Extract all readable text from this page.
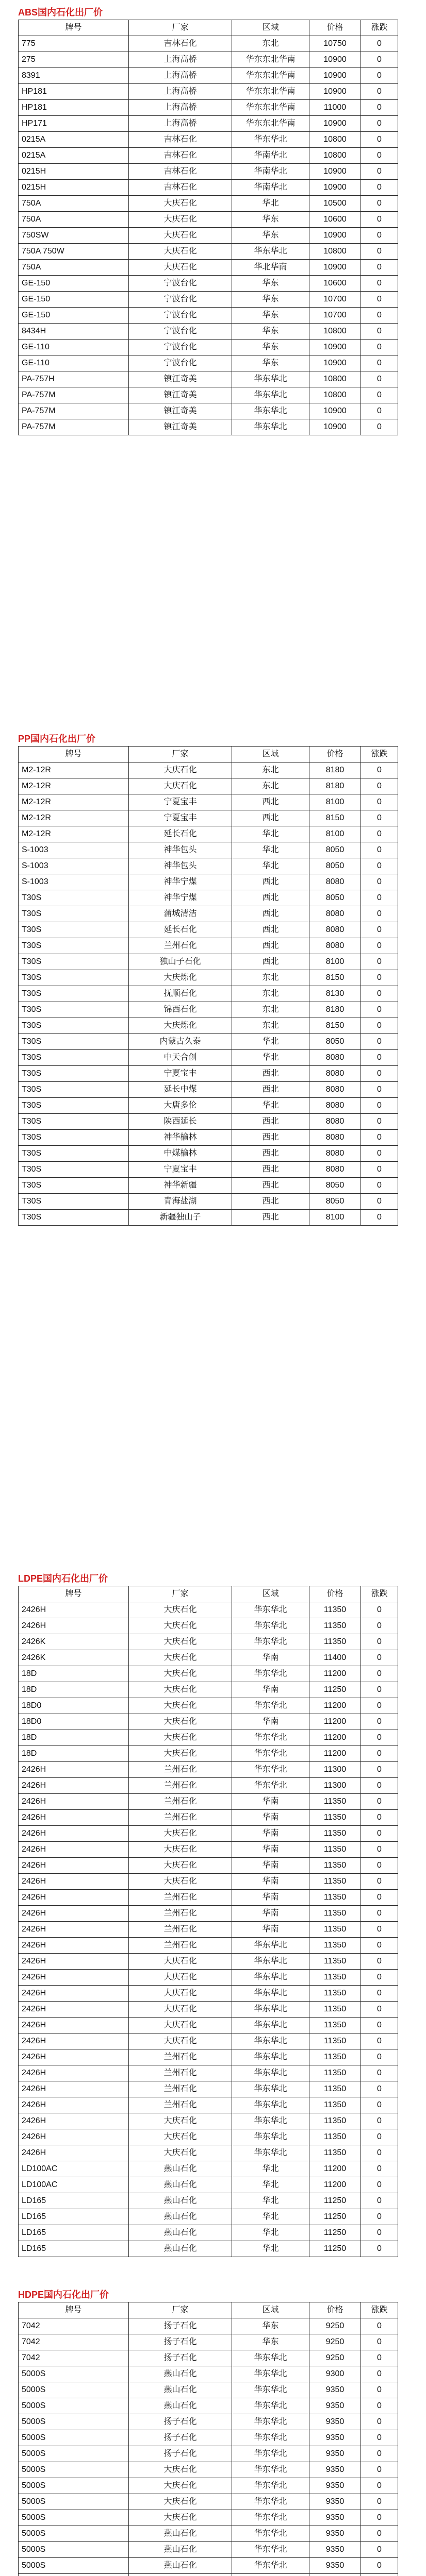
ABS国内石化出厂价
牌号	厂家	区域	价格	涨跌
775	吉林石化	东北	10750	0
275	上海高桥	华东东北华南	10900	0
8391	上海高桥	华东东北华南	10900	0
HP181	上海高桥	华东东北华南	10900	0
HP181	上海高桥	华东东北华南	11000	0
HP171	上海高桥	华东东北华南	10900	0
0215A	吉林石化	华东华北	10800	0
0215A	吉林石化	华南华北	10800	0
0215H	吉林石化	华南华北	10900	0
0215H	吉林石化	华南华北	10900	0
750A	大庆石化	华北	10500	0
750A	大庆石化	华东	10600	0
750SW	大庆石化	华东	10900	0
750A 750W	大庆石化	华东华北	10800	0
750A	大庆石化	华北华南	10900	0
GE-150	宁波台化	华东	10600	0
GE-150	宁波台化	华东	10700	0
GE-150	宁波台化	华东	10700	0
8434H	宁波台化	华东	10800	0
GE-110	宁波台化	华东	10900	0
GE-110	宁波台化	华东	10900	0
PA-757H	镇江奇美	华东华北	10800	0
PA-757M	镇江奇美	华东华北	10800	0
PA-757M	镇江奇美	华东华北	10900	0
PA-757M	镇江奇美	华东华北	10900	0
PP国内石化出厂价
牌号	厂家	区域	价格	涨跌
M2-12R	大庆石化	东北	8180	0
M2-12R	大庆石化	东北	8180	0
M2-12R	宁夏宝丰	西北	8100	0
M2-12R	宁夏宝丰	西北	8150	0
M2-12R	延长石化	华北	8100	0
S-1003	神华包头	华北	8050	0
S-1003	神华包头	华北	8050	0
S-1003	神华宁煤	西北	8080	0
T30S	神华宁煤	西北	8050	0
T30S	蒲城清洁	西北	8080	0
T30S	延长石化	西北	8080	0
T30S	兰州石化	西北	8080	0
T30S	独山子石化	西北	8100	0
T30S	大庆炼化	东北	8150	0
T30S	抚顺石化	东北	8130	0
T30S	锦西石化	东北	8180	0
T30S	大庆炼化	东北	8150	0
T30S	内蒙古久泰	华北	8050	0
T30S	中天合创	华北	8080	0
T30S	宁夏宝丰	西北	8080	0
T30S	延长中煤	西北	8080	0
T30S	大唐多伦	华北	8080	0
T30S	陕西延长	西北	8080	0
T30S	神华榆林	西北	8080	0
T30S	中煤榆林	西北	8080	0
T30S	宁夏宝丰	西北	8080	0
T30S	神华新疆	西北	8050	0
T30S	青海盐湖	西北	8050	0
T30S	新疆独山子	西北	8100	0
LDPE国内石化出厂价
牌号	厂家	区域	价格	涨跌
2426H	大庆石化	华东华北	11350	0
2426H	大庆石化	华东华北	11350	0
2426K	大庆石化	华东华北	11350	0
2426K	大庆石化	华南	11400	0
18D	大庆石化	华东华北	11200	0
18D	大庆石化	华南	11250	0
18D0	大庆石化	华东华北	11200	0
18D0	大庆石化	华南	11200	0
18D	大庆石化	华东华北	11200	0
18D	大庆石化	华东华北	11200	0
2426H	兰州石化	华东华北	11300	0
2426H	兰州石化	华东华北	11300	0
2426H	兰州石化	华南	11350	0
2426H	兰州石化	华南	11350	0
2426H	大庆石化	华南	11350	0
2426H	大庆石化	华南	11350	0
2426H	大庆石化	华南	11350	0
2426H	大庆石化	华南	11350	0
2426H	兰州石化	华南	11350	0
2426H	兰州石化	华南	11350	0
2426H	兰州石化	华南	11350	0
2426H	兰州石化	华东华北	11350	0
2426H	大庆石化	华东华北	11350	0
2426H	大庆石化	华东华北	11350	0
2426H	大庆石化	华东华北	11350	0
2426H	大庆石化	华东华北	11350	0
2426H	大庆石化	华东华北	11350	0
2426H	大庆石化	华东华北	11350	0
2426H	兰州石化	华东华北	11350	0
2426H	兰州石化	华东华北	11350	0
2426H	兰州石化	华东华北	11350	0
2426H	兰州石化	华东华北	11350	0
2426H	大庆石化	华东华北	11350	0
2426H	大庆石化	华东华北	11350	0
2426H	大庆石化	华东华北	11350	0
LD100AC	燕山石化	华北	11200	0
LD100AC	燕山石化	华北	11200	0
LD165	燕山石化	华北	11250	0
LD165	燕山石化	华北	11250	0
LD165	燕山石化	华北	11250	0
LD165	燕山石化	华北	11250	0
HDPE国内石化出厂价
牌号	厂家	区域	价格	涨跌
7042	扬子石化	华东	9250	0
7042	扬子石化	华东	9250	0
7042	扬子石化	华东华北	9250	0
5000S	燕山石化	华东华北	9300	0
5000S	燕山石化	华东华北	9350	0
5000S	燕山石化	华东华北	9350	0
5000S	扬子石化	华东华北	9350	0
5000S	扬子石化	华东华北	9350	0
5000S	扬子石化	华东华北	9350	0
5000S	大庆石化	华东华北	9350	0
5000S	大庆石化	华东华北	9350	0
5000S	大庆石化	华东华北	9350	0
5000S	大庆石化	华东华北	9350	0
5000S	燕山石化	华东华北	9350	0
5000S	燕山石化	华东华北	9350	0
5000S	燕山石化	华东华北	9350	0
